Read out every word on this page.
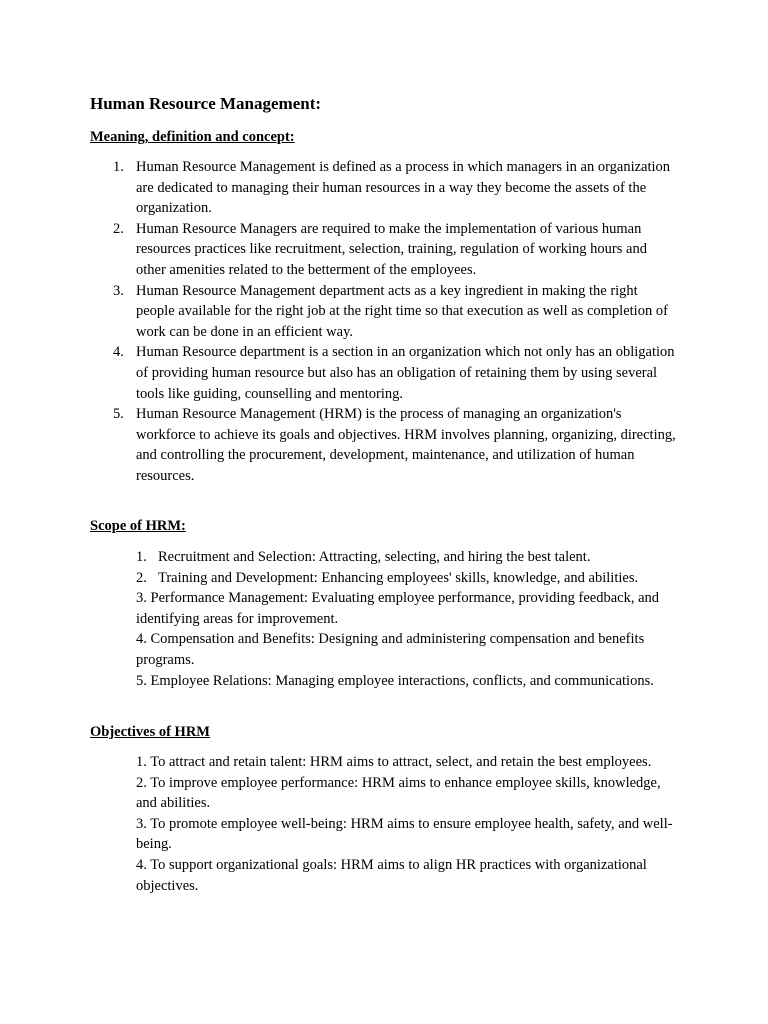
Human Resource Management:
Meaning, definition and concept:
1. Human Resource Management is defined as a process in which managers in an organization are dedicated to managing their human resources in a way they become the assets of the organization.
2. Human Resource Managers are required to make the implementation of various human resources practices like recruitment, selection, training, regulation of working hours and other amenities related to the betterment of the employees.
3. Human Resource Management department acts as a key ingredient in making the right people available for the right job at the right time so that execution as well as completion of work can be done in an efficient way.
4. Human Resource department is a section in an organization which not only has an obligation of providing human resource but also has an obligation of retaining them by using several tools like guiding, counselling and mentoring.
5. Human Resource Management (HRM) is the process of managing an organization's workforce to achieve its goals and objectives. HRM involves planning, organizing, directing, and controlling the procurement, development, maintenance, and utilization of human resources.
Scope of HRM:
1. Recruitment and Selection: Attracting, selecting, and hiring the best talent.
2. Training and Development: Enhancing employees' skills, knowledge, and abilities.
3. Performance Management: Evaluating employee performance, providing feedback, and identifying areas for improvement.
4. Compensation and Benefits: Designing and administering compensation and benefits programs.
5. Employee Relations: Managing employee interactions, conflicts, and communications.
Objectives of HRM
1. To attract and retain talent: HRM aims to attract, select, and retain the best employees.
2. To improve employee performance: HRM aims to enhance employee skills, knowledge, and abilities.
3. To promote employee well-being: HRM aims to ensure employee health, safety, and well-being.
4. To support organizational goals: HRM aims to align HR practices with organizational objectives.
